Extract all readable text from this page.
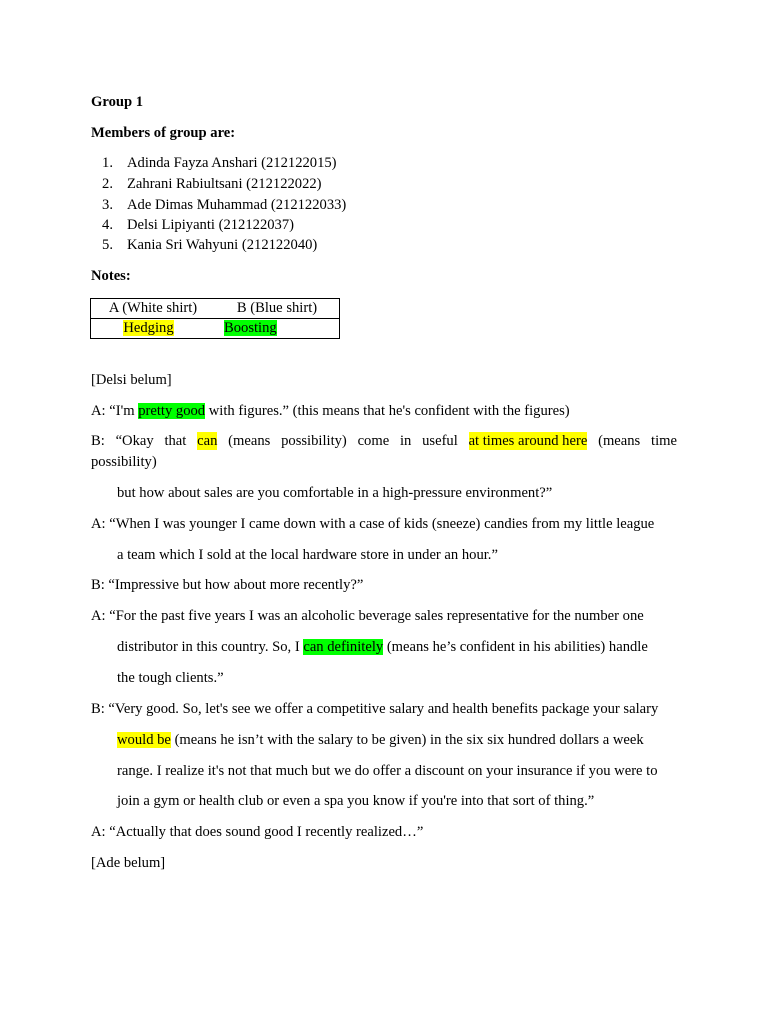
Group 1
Members of group are:
1. Adinda Fayza Anshari (212122015)
2. Zahrani Rabiultsani (212122022)
3. Ade Dimas Muhammad (212122033)
4. Delsi Lipiyanti (212122037)
5. Kania Sri Wahyuni (212122040)
Notes:
A (White shirt)	B (Blue shirt)

Hedging	Boosting
[Delsi belum]
A: “I'm pretty good with figures.” (this means that he's confident with the figures)
B: “Okay that can (means possibility) come in useful at times around here (means time
possibility)
but how about sales are you comfortable in a high-pressure environment?”
A: “When I was younger I came down with a case of kids (sneeze) candies from my little league
a team which I sold at the local hardware store in under an hour.”
B: “Impressive but how about more recently?”
A: “For the past five years I was an alcoholic beverage sales representative for the number one
distributor in this country. So, I can definitely (means he’s confident in his abilities) handle
the tough clients.”
B: “Very good. So, let's see we offer a competitive salary and health benefits package your salary
would be (means he isn’t with the salary to be given) in the six six hundred dollars a week
range. I realize it's not that much but we do offer a discount on your insurance if you were to
join a gym or health club or even a spa you know if you're into that sort of thing.”
A: “Actually that does sound good I recently realized…”
[Ade belum]
